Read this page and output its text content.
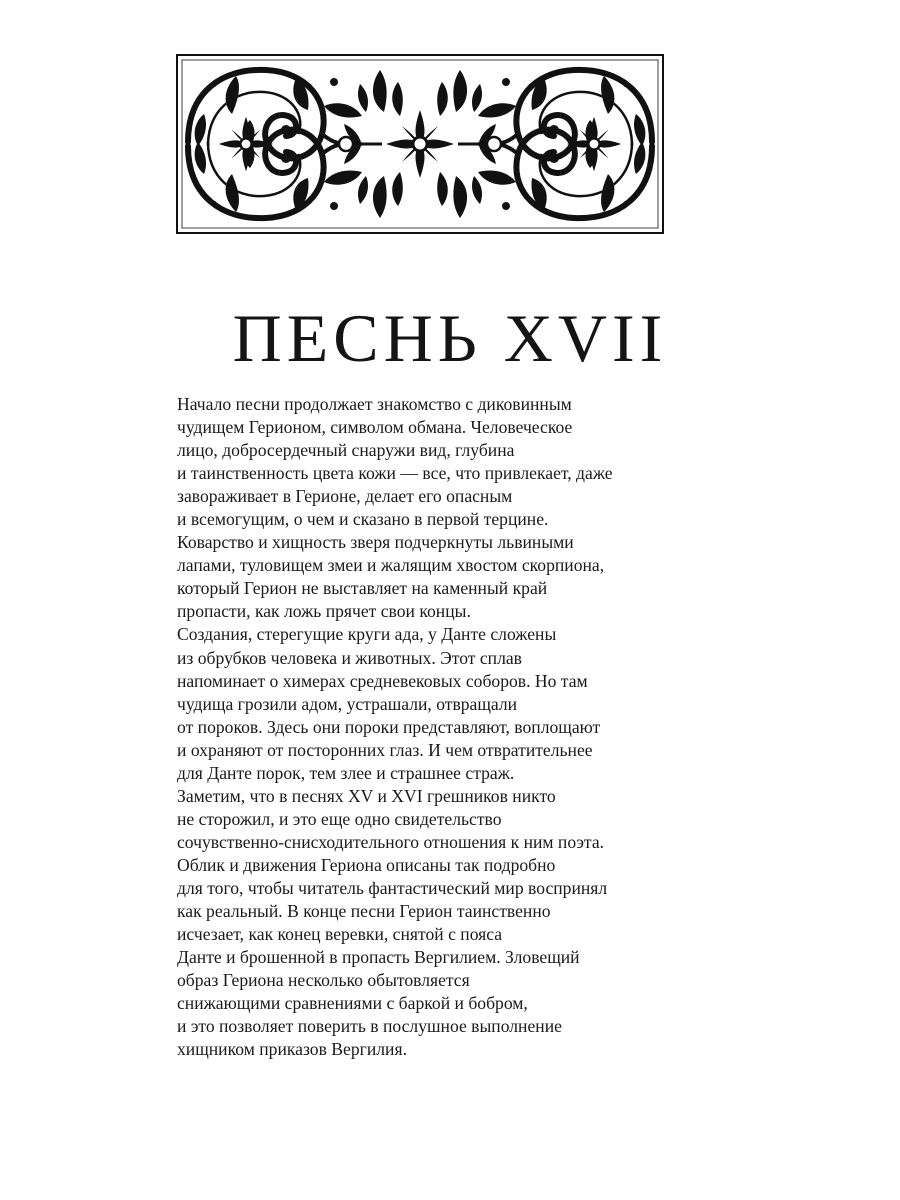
ПЕСНЬ XVII
Начало песни продолжает знакомство с диковинным
чудищем Герионом, символом обмана. Человеческое
лицо, добросердечный снаружи вид, глубина
и таинственность цвета кожи — все, что привлекает, даже
завораживает в Герионе, делает его опасным
и всемогущим, о чем и сказано в первой терцине.
Коварство и хищность зверя подчеркнуты львиными
лапами, туловищем змеи и жалящим хвостом скорпиона,
который Герион не выставляет на каменный край
пропасти, как ложь прячет свои концы.
Создания, стерегущие круги ада, у Данте сложены
из обрубков человека и животных. Этот сплав
напоминает о химерах средневековых соборов. Но там
чудища грозили адом, устрашали, отвращали
от пороков. Здесь они пороки представляют, воплощают
и охраняют от посторонних глаз. И чем отвратительнее
для Данте порок, тем злее и страшнее страж.
Заметим, что в песнях XV и XVI грешников никто
не сторожил, и это еще одно свидетельство
сочувственно-снисходительного отношения к ним поэта.
Облик и движения Гериона описаны так подробно
для того, чтобы читатель фантастический мир воспринял
как реальный. В конце песни Герион таинственно
исчезает, как конец веревки, снятой с пояса
Данте и брошенной в пропасть Вергилием. Зловещий
образ Гериона несколько обытовляется
снижающими сравнениями с баркой и бобром,
и это позволяет поверить в послушное выполнение
хищником приказов Вергилия.
